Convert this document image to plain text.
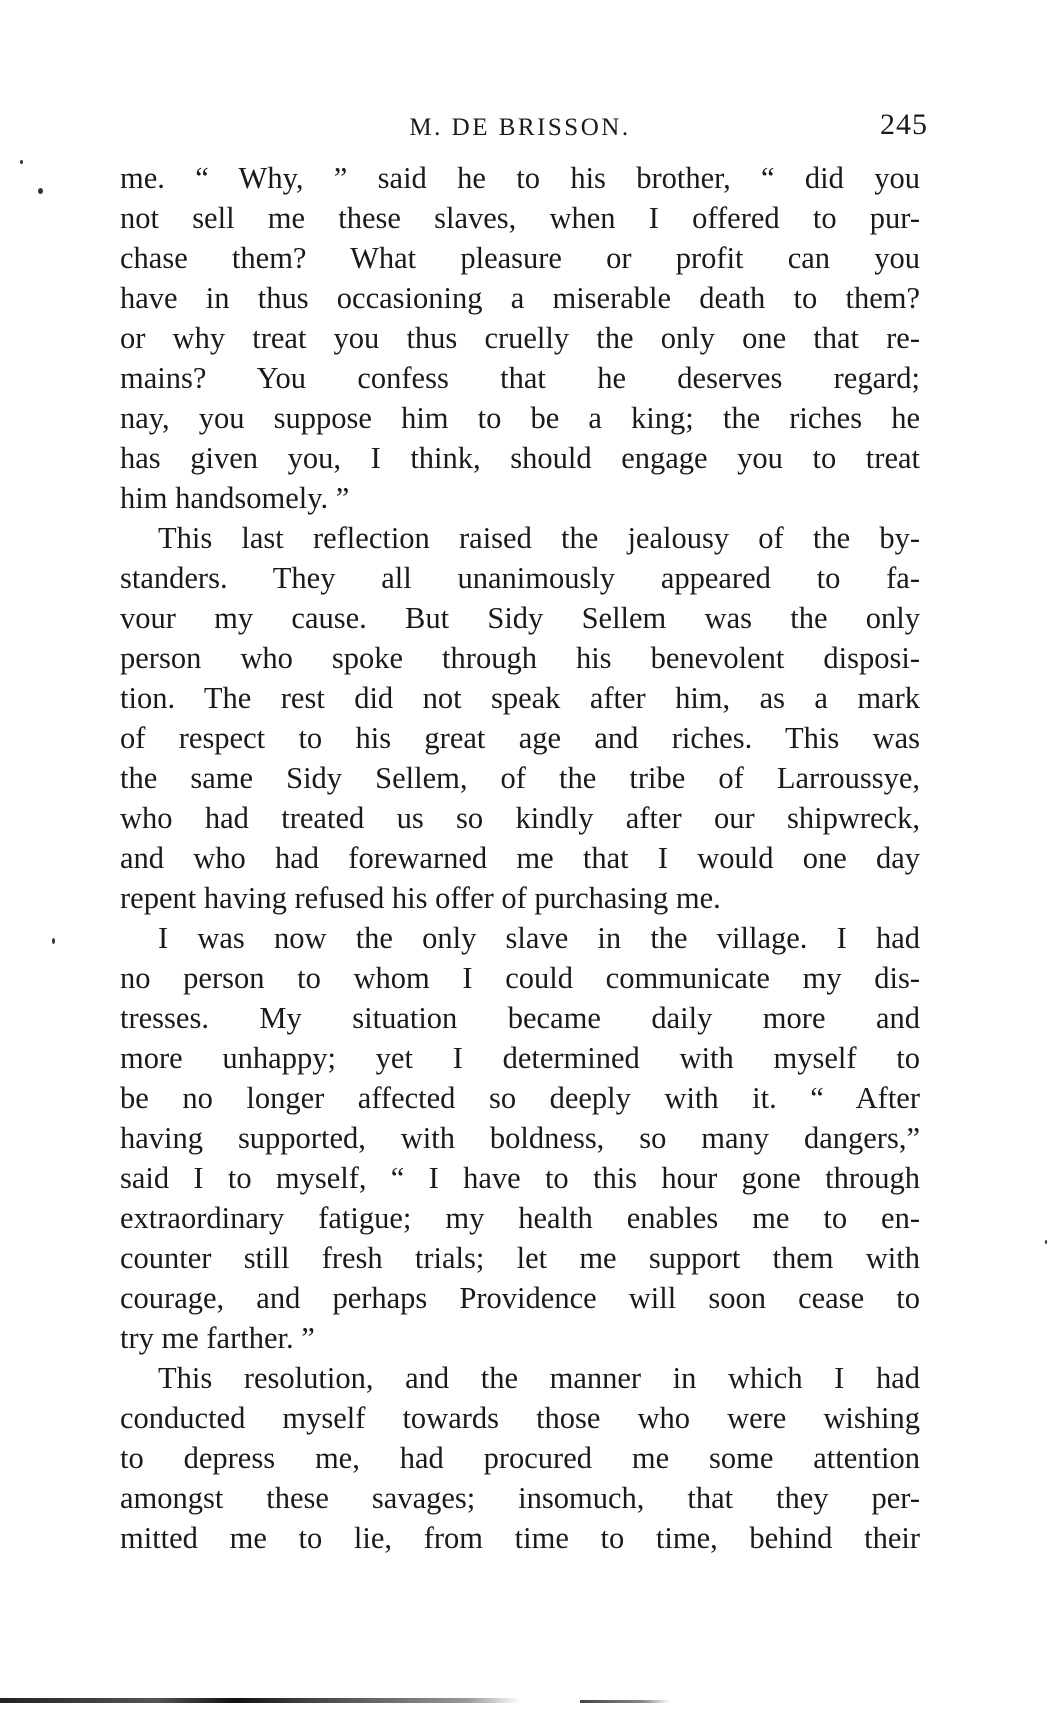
M. DE BRISSON.	245
me. “ Why, ” said he to his brother, “ did you
not sell me these slaves, when I offered to pur-
chase them? What pleasure or profit can you
have in thus occasioning a miserable death to them?
or why treat you thus cruelly the only one that re-
mains? You confess that he deserves regard;
nay, you suppose him to be a king; the riches he
has given you, I think, should engage you to treat
him handsomely. ”
This last reflection raised the jealousy of the by-
standers. They all unanimously appeared to fa-
vour my cause. But Sidy Sellem was the only
person who spoke through his benevolent disposi-
tion. The rest did not speak after him, as a mark
of respect to his great age and riches. This was
the same Sidy Sellem, of the tribe of Larroussye,
who had treated us so kindly after our shipwreck,
and who had forewarned me that I would one day
repent having refused his offer of purchasing me.
I was now the only slave in the village. I had
no person to whom I could communicate my dis-
tresses. My situation became daily more and
more unhappy; yet I determined with myself to
be no longer affected so deeply with it. “ After
having supported, with boldness, so many dangers,”
said I to myself, “ I have to this hour gone through
extraordinary fatigue; my health enables me to en-
counter still fresh trials; let me support them with
courage, and perhaps Providence will soon cease to
try me farther. ”
This resolution, and the manner in which I had
conducted myself towards those who were wishing
to depress me, had procured me some attention
amongst these savages; insomuch, that they per-
mitted me to lie, from time to time, behind their
